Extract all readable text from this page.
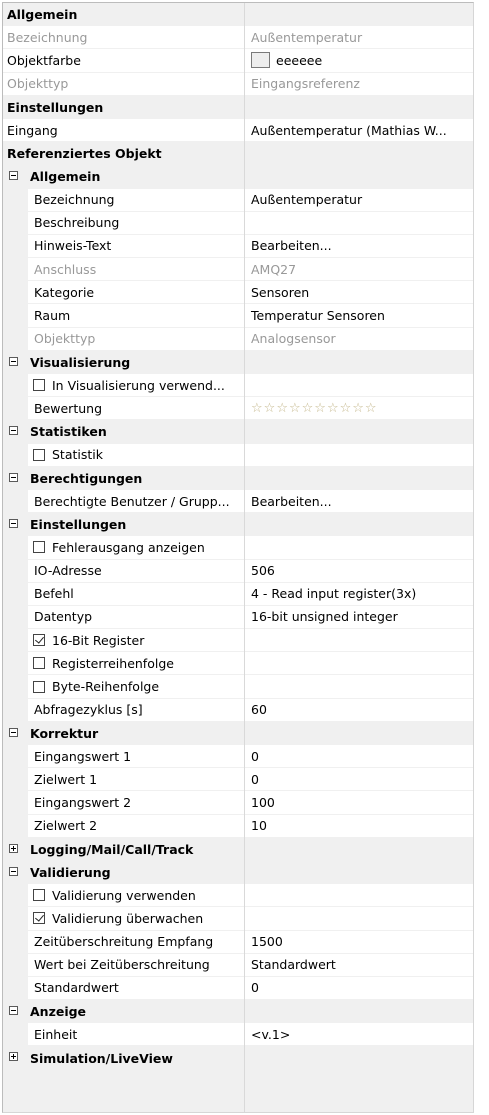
Allgemein
Bezeichnung	Außentemperatur
Objektfarbe	eeeeee
Objekttyp	Eingangsreferenz
Einstellungen
Eingang	Außentemperatur (Mathias W...
Referenziertes Objekt
Allgemein
Bezeichnung	Außentemperatur
Beschreibung
Hinweis-Text	Bearbeiten...
Anschluss	AMQ27
Kategorie	Sensoren
Raum	Temperatur Sensoren
Objekttyp	Analogsensor
Visualisierung
In Visualisierung verwend...
Bewertung	☆ ☆ ☆ ☆ ☆ ☆ ☆ ☆ ☆ ☆
Statistiken
Statistik
Berechtigungen
Berechtigte Benutzer / Grupp...	Bearbeiten...
Einstellungen
Fehlerausgang anzeigen
IO-Adresse	506
Befehl	4 - Read input register(3x)
Datentyp	16-bit unsigned integer
16-Bit Register
Registerreihenfolge
Byte-Reihenfolge
Abfragezyklus [s]	60
Korrektur
Eingangswert 1	0
Zielwert 1	0
Eingangswert 2	100
Zielwert 2	10
Logging/Mail/Call/Track
Validierung
Validierung verwenden
Validierung überwachen
Zeitüberschreitung Empfang	1500
Wert bei Zeitüberschreitung	Standardwert
Standardwert	0
Anzeige
Einheit	<v.1>
Simulation/LiveView
